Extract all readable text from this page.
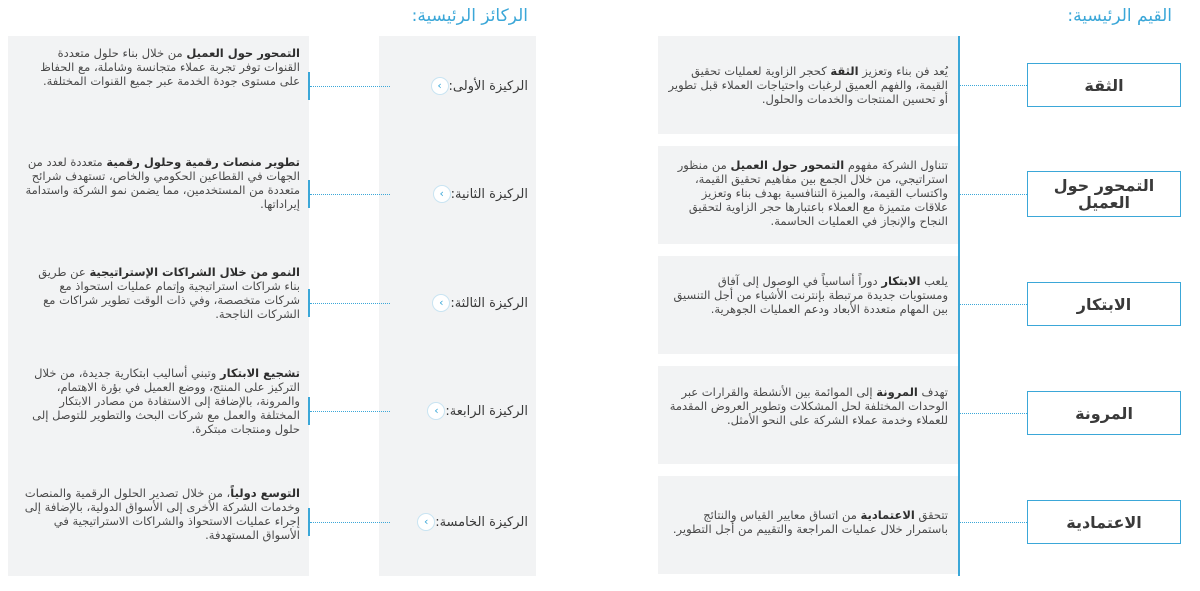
القيم الرئيسية:
الركائز الرئيسية:
الثقة
يُعد فن بناء وتعزيز الثقة كحجر الزاوية لعمليات تحقيق القيمة، والفهم العميق لرغبات واحتياجات العملاء قبل تطوير أو تحسين المنتجات والخدمات والحلول.
التمحور حول العميل
تتناول الشركة مفهوم التمحور حول العميل من منظور استراتيجي، من خلال الجمع بين مفاهيم تحقيق القيمة، واكتساب القيمة، والميزة التنافسية بهدف بناء وتعزيز علاقات متميزة مع العملاء باعتبارها حجر الزاوية لتحقيق النجاح والإنجاز في العمليات الحاسمة.
الابتكار
يلعب الابتكار دوراً أساسياً في الوصول إلى آفاق ومستويات جديدة مرتبطة بإنترنت الأشياء من أجل التنسيق بين المهام متعددة الأبعاد ودعم العمليات الجوهرية.
المرونة
تهدف المرونة إلى الموائمة بين الأنشطة والقرارات عبر الوحدات المختلفة لحل المشكلات وتطوير العروض المقدمة للعملاء وخدمة عملاء الشركة على النحو الأمثل.
الاعتمادية
تتحقق الاعتمادية من اتساق معايير القياس والنتائج باستمرار خلال عمليات المراجعة والتقييم من أجل التطوير.
الركيزة الأولى:
›
التمحور حول العميل من خلال بناء حلول متعددة القنوات توفر تجربة عملاء متجانسة وشاملة، مع الحفاظ على مستوى جودة الخدمة عبر جميع القنوات المختلفة.
الركيزة الثانية:
›
تطوير منصات رقمية وحلول رقمية متعددة لعدد من الجهات في القطاعين الحكومي والخاص، تستهدف شرائح متعددة من المستخدمين، مما يضمن نمو الشركة واستدامة إيراداتها.
الركيزة الثالثة:
›
النمو من خلال الشراكات الإستراتيجية عن طريق بناء شراكات استراتيجية وإتمام عمليات استحواذ مع شركات متخصصة، وفي ذات الوقت تطوير شراكات مع الشركات الناجحة.
الركيزة الرابعة:
›
تشجيع الابتكار وتبني أساليب ابتكارية جديدة، من خلال التركيز على المنتج، ووضع العميل في بؤرة الاهتمام، والمرونة، بالإضافة إلى الاستفادة من مصادر الابتكار المختلفة والعمل مع شركات البحث والتطوير للتوصل إلى حلول ومنتجات مبتكرة.
الركيزة الخامسة:
›
التوسع دولياً، من خلال تصدير الحلول الرقمية والمنصات وخدمات الشركة الأخرى إلى الأسواق الدولية، بالإضافة إلى إجراء عمليات الاستحواذ والشراكات الاستراتيجية في الأسواق المستهدفة.
